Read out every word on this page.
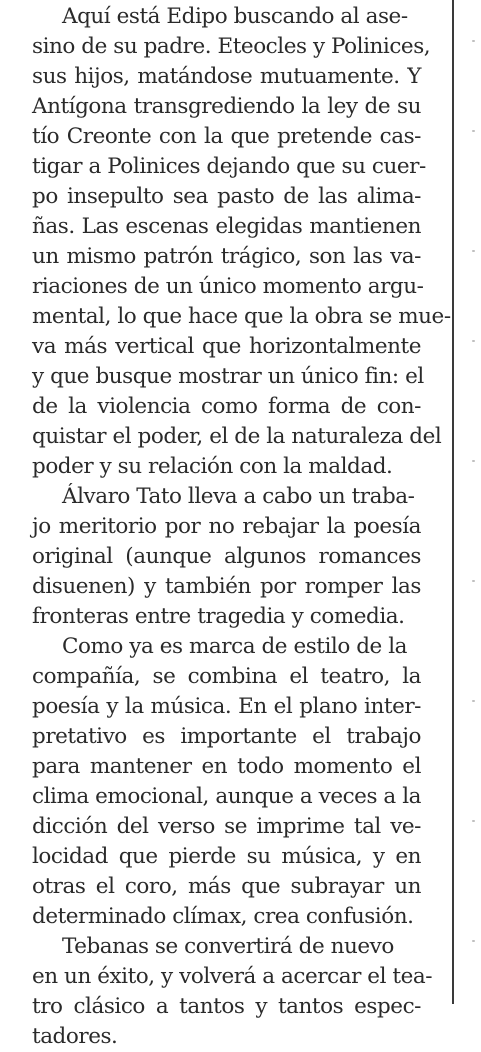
Aquí está Edipo buscando al ase-
sino de su padre. Eteocles y Polinices,
sus hijos, matándose mutuamente. Y
Antígona transgrediendo la ley de su
tío Creonte con la que pretende cas-
tigar a Polinices dejando que su cuer-
po insepulto sea pasto de las alima-
ñas. Las escenas elegidas mantienen
un mismo patrón trágico, son las va-
riaciones de un único momento argu-
mental, lo que hace que la obra se mue-
va más vertical que horizontalmente
y que busque mostrar un único fin: el
de la violencia como forma de con-
quistar el poder, el de la naturaleza del
poder y su relación con la maldad.
Álvaro Tato lleva a cabo un traba-
jo meritorio por no rebajar la poesía
original (aunque algunos romances
disuenen) y también por romper las
fronteras entre tragedia y comedia.
Como ya es marca de estilo de la
compañía, se combina el teatro, la
poesía y la música. En el plano inter-
pretativo es importante el trabajo
para mantener en todo momento el
clima emocional, aunque a veces a la
dicción del verso se imprime tal ve-
locidad que pierde su música, y en
otras el coro, más que subrayar un
determinado clímax, crea confusión.
Tebanas se convertirá de nuevo
en un éxito, y volverá a acercar el tea-
tro clásico a tantos y tantos espec-
tadores.
